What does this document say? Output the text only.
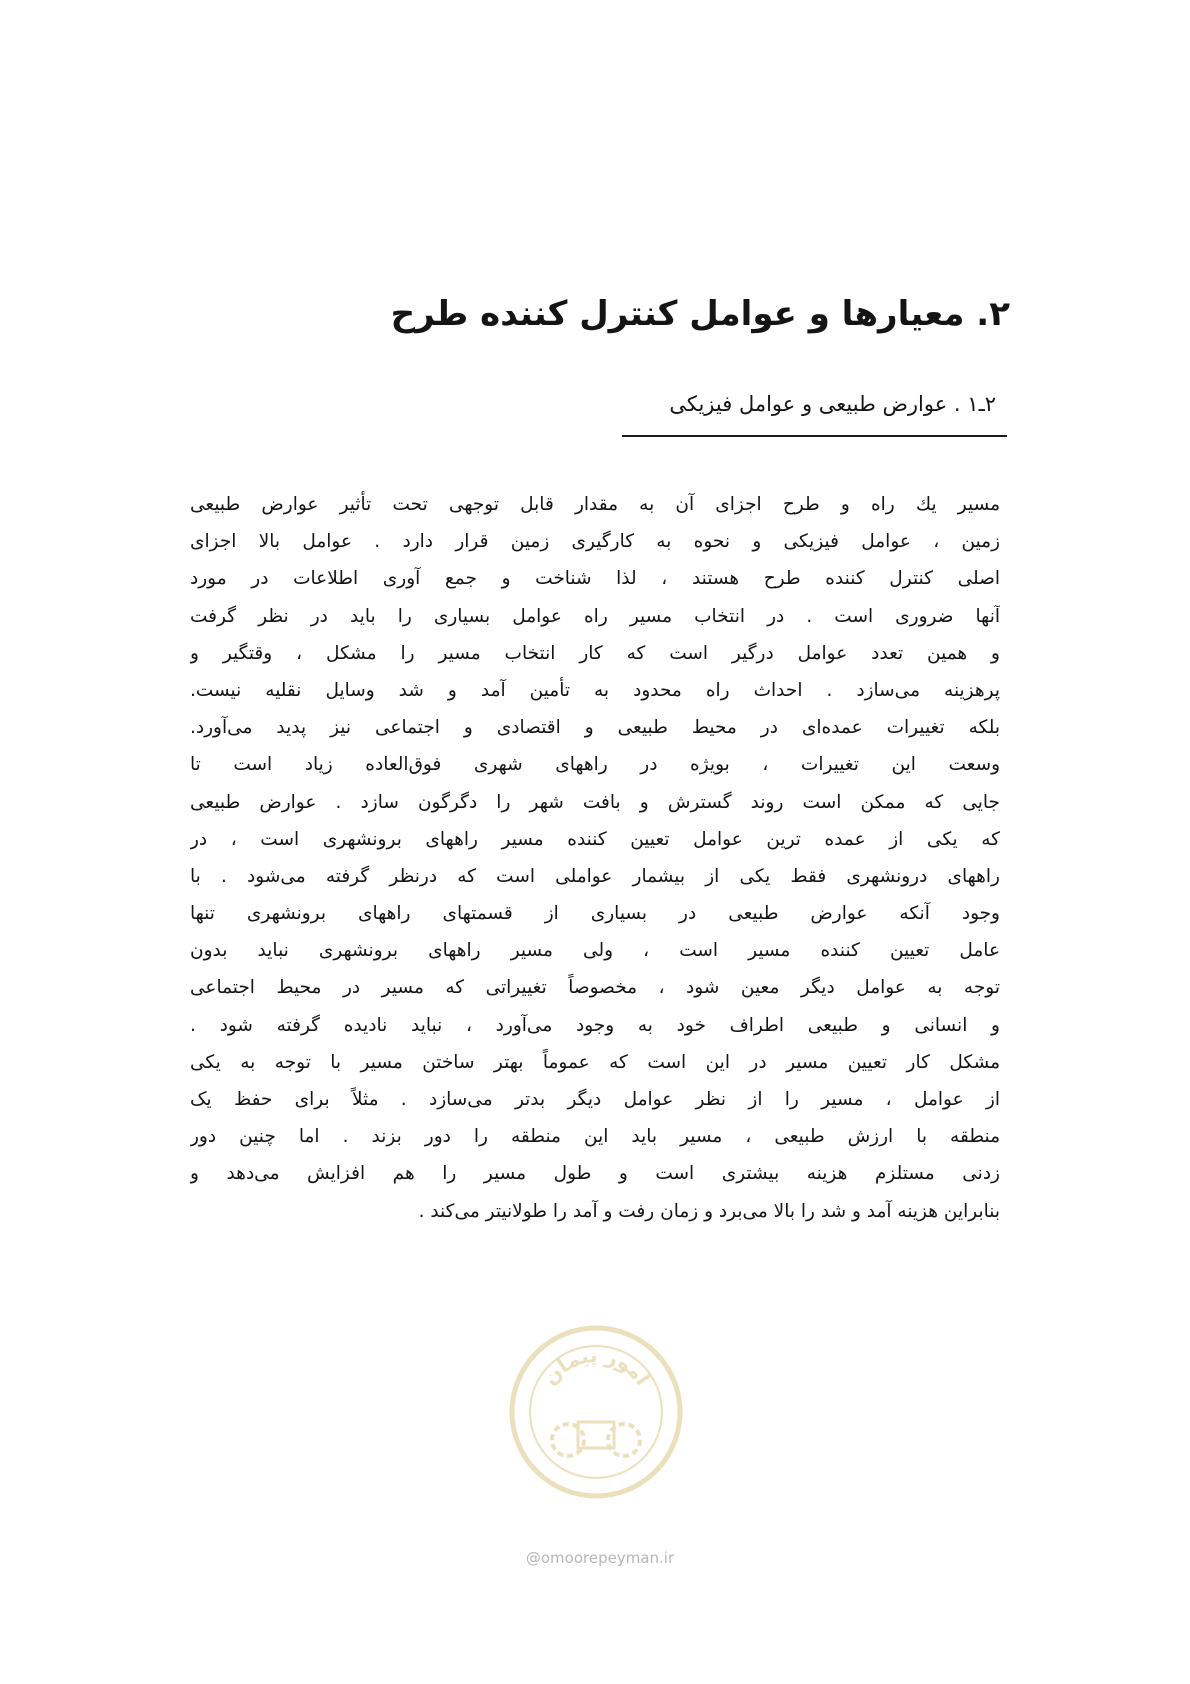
۲. معیارها و عوامل کنترل کننده طرح
۲ـ۱ . عوارض طبیعی و عوامل فیزیکی
مسیر یك راه و طرح اجزای آن به مقدار قابل توجهی تحت تأثیر عوارض طبیعی
زمین ، عوامل فیزیکی و نحوه به کارگیری زمین قرار دارد . عوامل بالا اجزای
اصلی کنترل کننده طرح هستند ، لذا شناخت و جمع آوری اطلاعات در مورد
آنها ضروری است . در انتخاب مسیر راه عوامل بسیاری را باید در نظر گرفت
و همین تعدد عوامل درگیر است که کار انتخاب مسیر را مشکل ، وقتگیر و
پرهزینه می‌سازد . احداث راه محدود به تأمین آمد و شد وسایل نقلیه نیست.
بلکه تغییرات عمده‌ای در محیط طبیعی و اقتصادی و اجتماعی نیز پدید می‌آورد.
وسعت این تغییرات ، بویژه در راههای شهری فوق‌العاده زیاد است تا
جایی که ممکن است روند گسترش و بافت شهر را دگرگون سازد . عوارض طبیعی
که یکی از عمده ترین عوامل تعیین کننده مسیر راههای برونشهری است ، در
راههای درونشهری فقط یکی از بیشمار عواملی است که درنظر گرفته می‌شود . با
وجود آنکه عوارض طبیعی در بسیاری از قسمتهای راههای برونشهری تنها
عامل تعیین کننده مسیر است ، ولی مسیر راههای برونشهری نباید بدون
توجه به عوامل دیگر معین شود ، مخصوصاً تغییراتی که مسیر در محیط اجتماعی
و انسانی و طبیعی اطراف خود به وجود می‌آورد ، نباید نادیده گرفته شود .
مشکل کار تعیین مسیر در این است که عموماً بهتر ساختن مسیر با توجه به یکی
از عوامل ، مسیر را از نظر عوامل دیگر بدتر می‌سازد . مثلاً برای حفظ یک
منطقه با ارزش طبیعی ، مسیر باید این منطقه را دور بزند . اما چنین دور
زدنی مستلزم هزینه بیشتری است و طول مسیر را هم افزایش می‌دهد و
بنابراین هزینه آمد و شد را بالا می‌برد و زمان رفت و آمد را طولانیتر می‌کند .
امور پیمان
@omoorepeyman.ir
